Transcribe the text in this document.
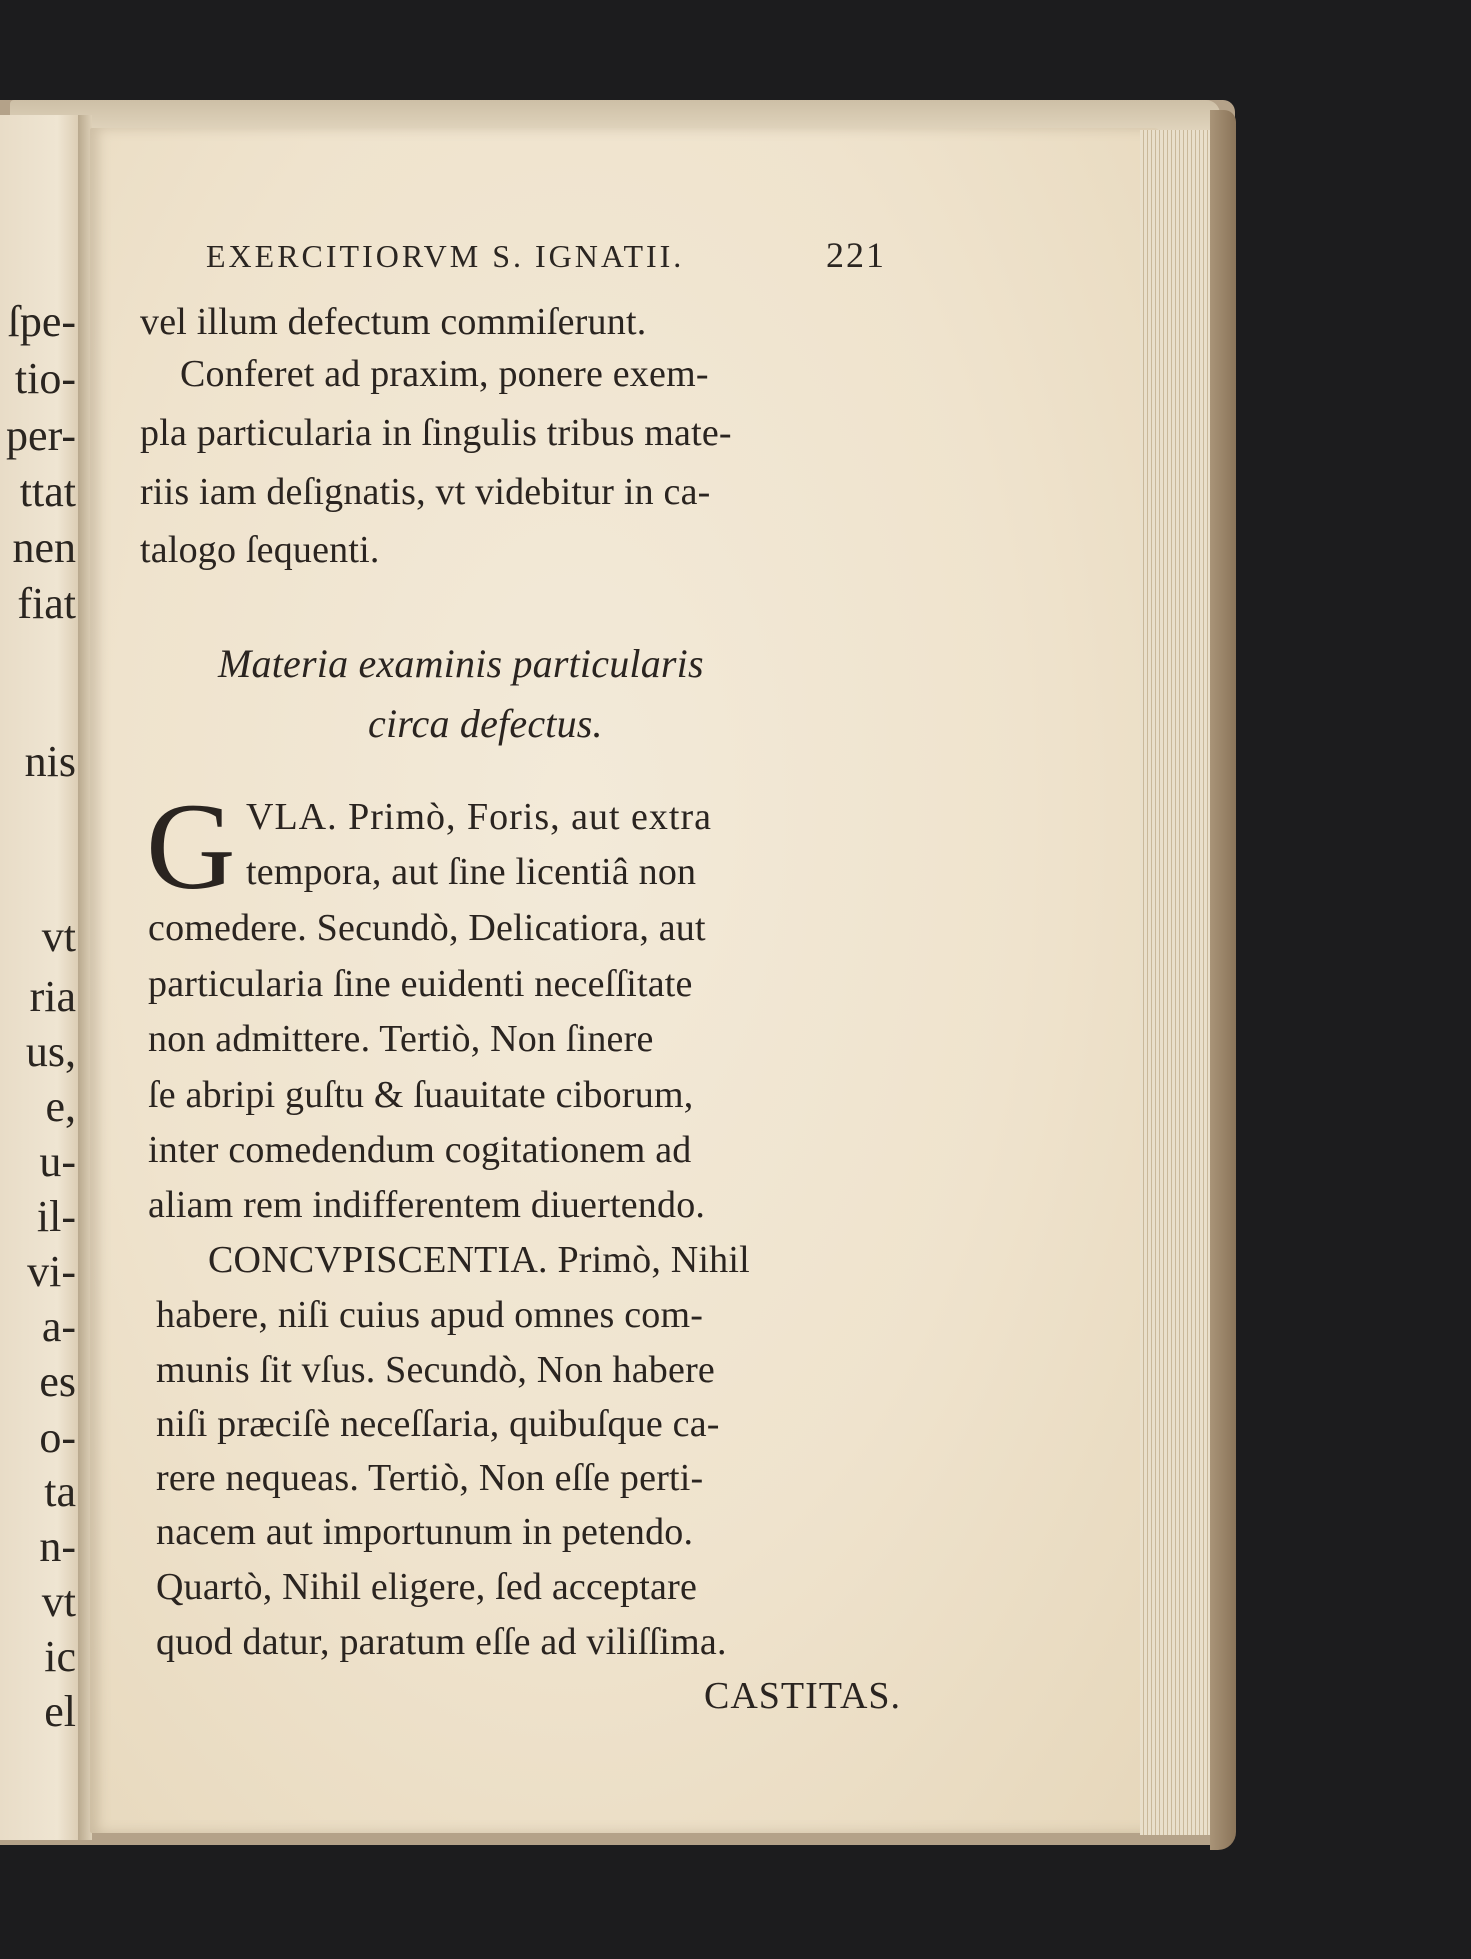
ſpe-
tio-
per-
ttat
nen
fiat
nis
vt
ria
us,
e,
u-
il-
vi-
a-
es
o-
ta
n-
vt
ic
el
EXERCITIORVM S. IGNATII.	221
vel illum defectum commiſerunt.
Conferet ad praxim, ponere exem-
pla particularia in ſingulis tribus mate-
riis iam deſignatis, vt videbitur in ca-
talogo ſequenti.
Materia examinis particularis
circa defectus.
G VLA. Primò, Foris, aut extra
tempora, aut ſine licentiâ non
comedere. Secundò, Delicatiora, aut
particularia ſine euidenti neceſſitate
non admittere. Tertiò, Non ſinere
ſe abripi guſtu & ſuauitate ciborum,
inter comedendum cogitationem ad
aliam rem indifferentem diuertendo.
CONCVPISCENTIA. Primò, Nihil
habere, niſi cuius apud omnes com-
munis ſit vſus. Secundò, Non habere
niſi præciſè neceſſaria, quibuſque ca-
rere nequeas. Tertiò, Non eſſe perti-
nacem aut importunum in petendo.
Quartò, Nihil eligere, ſed acceptare
quod datur, paratum eſſe ad viliſſima.
CASTITAS.
